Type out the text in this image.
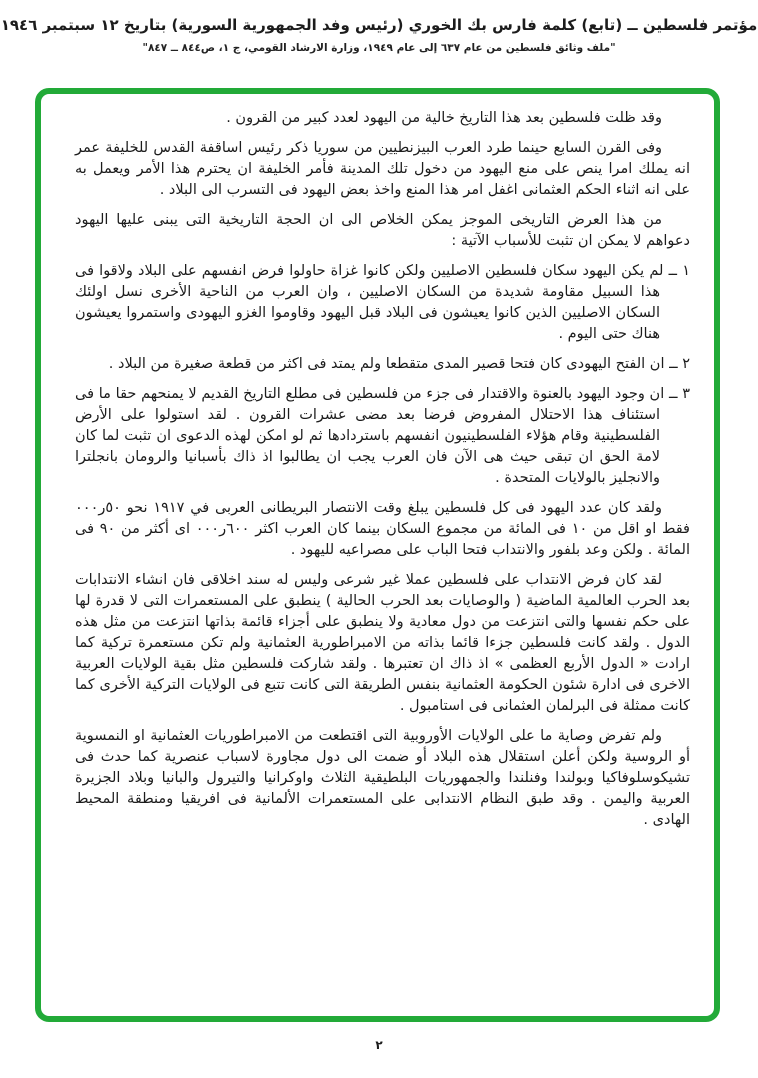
مؤتمر فلسطين ــ (تابع) كلمة فارس بك الخوري (رئيس وفد الجمهورية السورية) بتاريخ ١٢ سبتمبر ١٩٤٦
"ملف وثائق فلسطين من عام ٦٣٧ إلى عام ١٩٤٩، وزارة الارشاد القومي، ج ١، ص٨٤٤ ــ ٨٤٧"
وقد ظلت فلسطين بعد هذا التاريخ خالية من اليهود لعدد كبير من القرون .
وفى القرن السابع حينما طرد العرب البيزنطيين من سوريا ذكر رئيس اساقفة القدس للخليفة عمر انه يملك امرا ينص على منع اليهود من دخول تلك المدينة فأمر الخليفة ان يحترم هذا الأمر ويعمل به على انه اثناء الحكم العثمانى اغفل امر هذا المنع واخذ بعض اليهود فى التسرب الى البلاد .
من هذا العرض التاريخى الموجز يمكن الخلاص الى ان الحجة التاريخية التى يبنى عليها اليهود دعواهم لا يمكن ان تثبت للأسباب الآتية :
١ ــ لم يكن اليهود سكان فلسطين الاصليين ولكن كانوا غزاة حاولوا فرض انفسهم على البلاد ولاقوا فى هذا السبيل مقاومة شديدة من السكان الاصليين ، وان العرب من الناحية الأخرى نسل اولئك السكان الاصليين الذين كانوا يعيشون فى البلاد قبل اليهود وقاوموا الغزو اليهودى واستمروا يعيشون هناك حتى اليوم .
٢ ــ ان الفتح اليهودى كان فتحا قصير المدى متقطعا ولم يمتد فى اكثر من قطعة صغيرة من البلاد .
٣ ــ ان وجود اليهود بالعنوة والاقتدار فى جزء من فلسطين فى مطلع التاريخ القديم لا يمنحهم حقا ما فى استئناف هذا الاحتلال المفروض فرضا بعد مضى عشرات القرون . لقد استولوا على الأرض الفلسطينية وقام هؤلاء الفلسطينيون انفسهم باستردادها ثم لو امكن لهذه الدعوى ان تثبت لما كان لامة الحق ان تبقى حيث هى الآن فان العرب يجب ان يطالبوا اذ ذاك بأسبانيا والرومان بانجلترا والانجليز بالولايات المتحدة .
ولقد كان عدد اليهود فى كل فلسطين يبلغ وقت الانتصار البريطانى العربى في ١٩١٧ نحو ٥٠ر٠٠٠ فقط او اقل من ١٠ فى المائة من مجموع السكان بينما كان العرب اكثر ٦٠٠ر٠٠٠ اى أكثر من ٩٠ فى المائة . ولكن وعد بلفور والانتداب فتحا الباب على مصراعيه لليهود .
لقد كان فرض الانتداب على فلسطين عملا غير شرعى وليس له سند اخلاقى فان انشاء الانتدابات بعد الحرب العالمية الماضية ( والوصايات بعد الحرب الحالية ) ينطبق على المستعمرات التى لا قدرة لها على حكم نفسها والتى انتزعت من دول معادية ولا ينطبق على أجزاء قائمة بذاتها انتزعت من مثل هذه الدول . ولقد كانت فلسطين جزءا قائما بذاته من الامبراطورية العثمانية ولم تكن مستعمرة تركية كما ارادت « الدول الأربع العظمى » اذ ذاك ان تعتبرها . ولقد شاركت فلسطين مثل بقية الولايات العربية الاخرى فى ادارة شئون الحكومة العثمانية بنفس الطريقة التى كانت تتبع فى الولايات التركية الأخرى كما كانت ممثلة فى البرلمان العثمانى فى استامبول .
ولم تفرض وصاية ما على الولايات الأوروبية التى اقتطعت من الامبراطوريات العثمانية او النمسوية أو الروسية ولكن أعلن استقلال هذه البلاد أو ضمت الى دول مجاورة لاسباب عنصرية كما حدث فى تشيكوسلوفاكيا وبولندا وفنلندا والجمهوريات البلطيقية الثلاث واوكرانيا والتيرول والبانيا وبلاد الجزيرة العربية واليمن . وقد طبق النظام الانتدابى على المستعمرات الألمانية فى افريقيا ومنطقة المحيط الهادى .
٢
